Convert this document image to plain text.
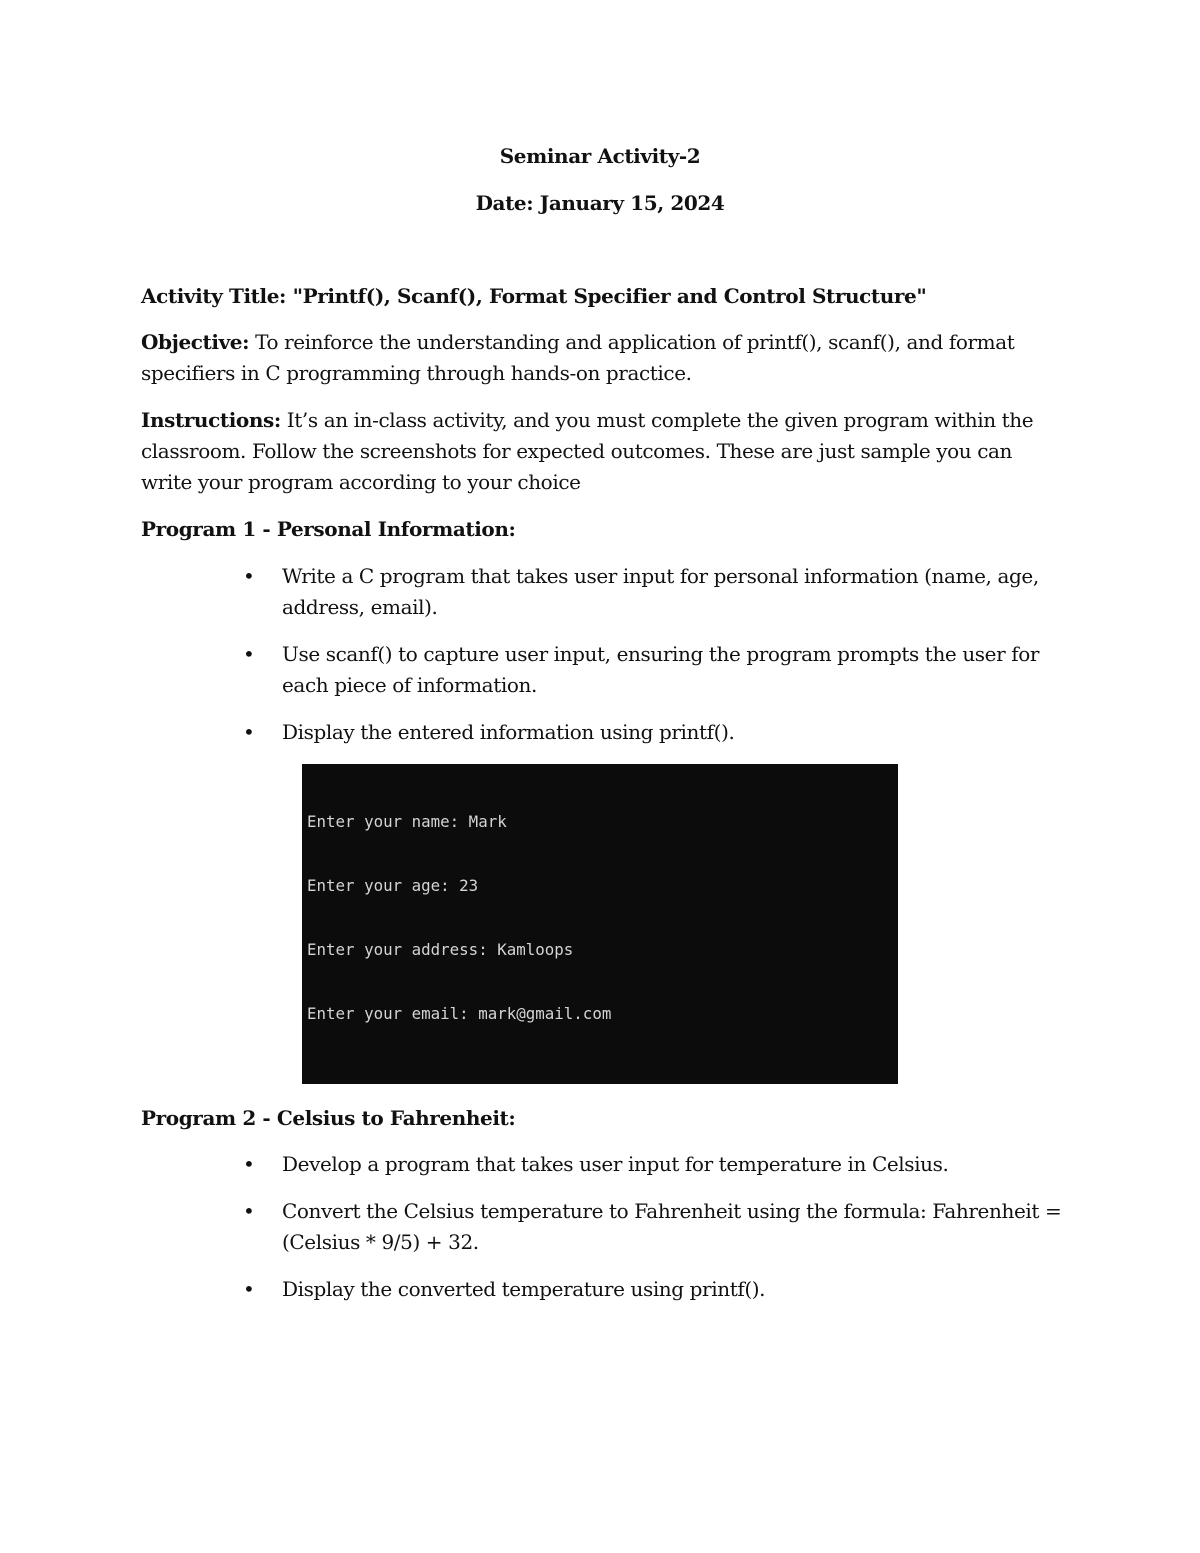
Seminar Activity-2
Date: January 15, 2024
Activity Title: "Printf(), Scanf(), Format Specifier and Control Structure"
Objective: To reinforce the understanding and application of printf(), scanf(), and format specifiers in C programming through hands-on practice.
Instructions: It’s an in-class activity, and you must complete the given program within the classroom. Follow the screenshots for expected outcomes. These are just sample you can write your program according to your choice
Program 1 - Personal Information:
•	Write a C program that takes user input for personal information (name, age, address, email).
•	Use scanf() to capture user input, ensuring the program prompts the user for each piece of information.
•	Display the entered information using printf().

Enter your name: Mark

Enter your age: 23

Enter your address: Kamloops

Enter your email: mark@gmail.com

Program 2 - Celsius to Fahrenheit:
•	Develop a program that takes user input for temperature in Celsius.
•	Convert the Celsius temperature to Fahrenheit using the formula: Fahrenheit = (Celsius * 9/5) + 32.
•	Display the converted temperature using printf().
